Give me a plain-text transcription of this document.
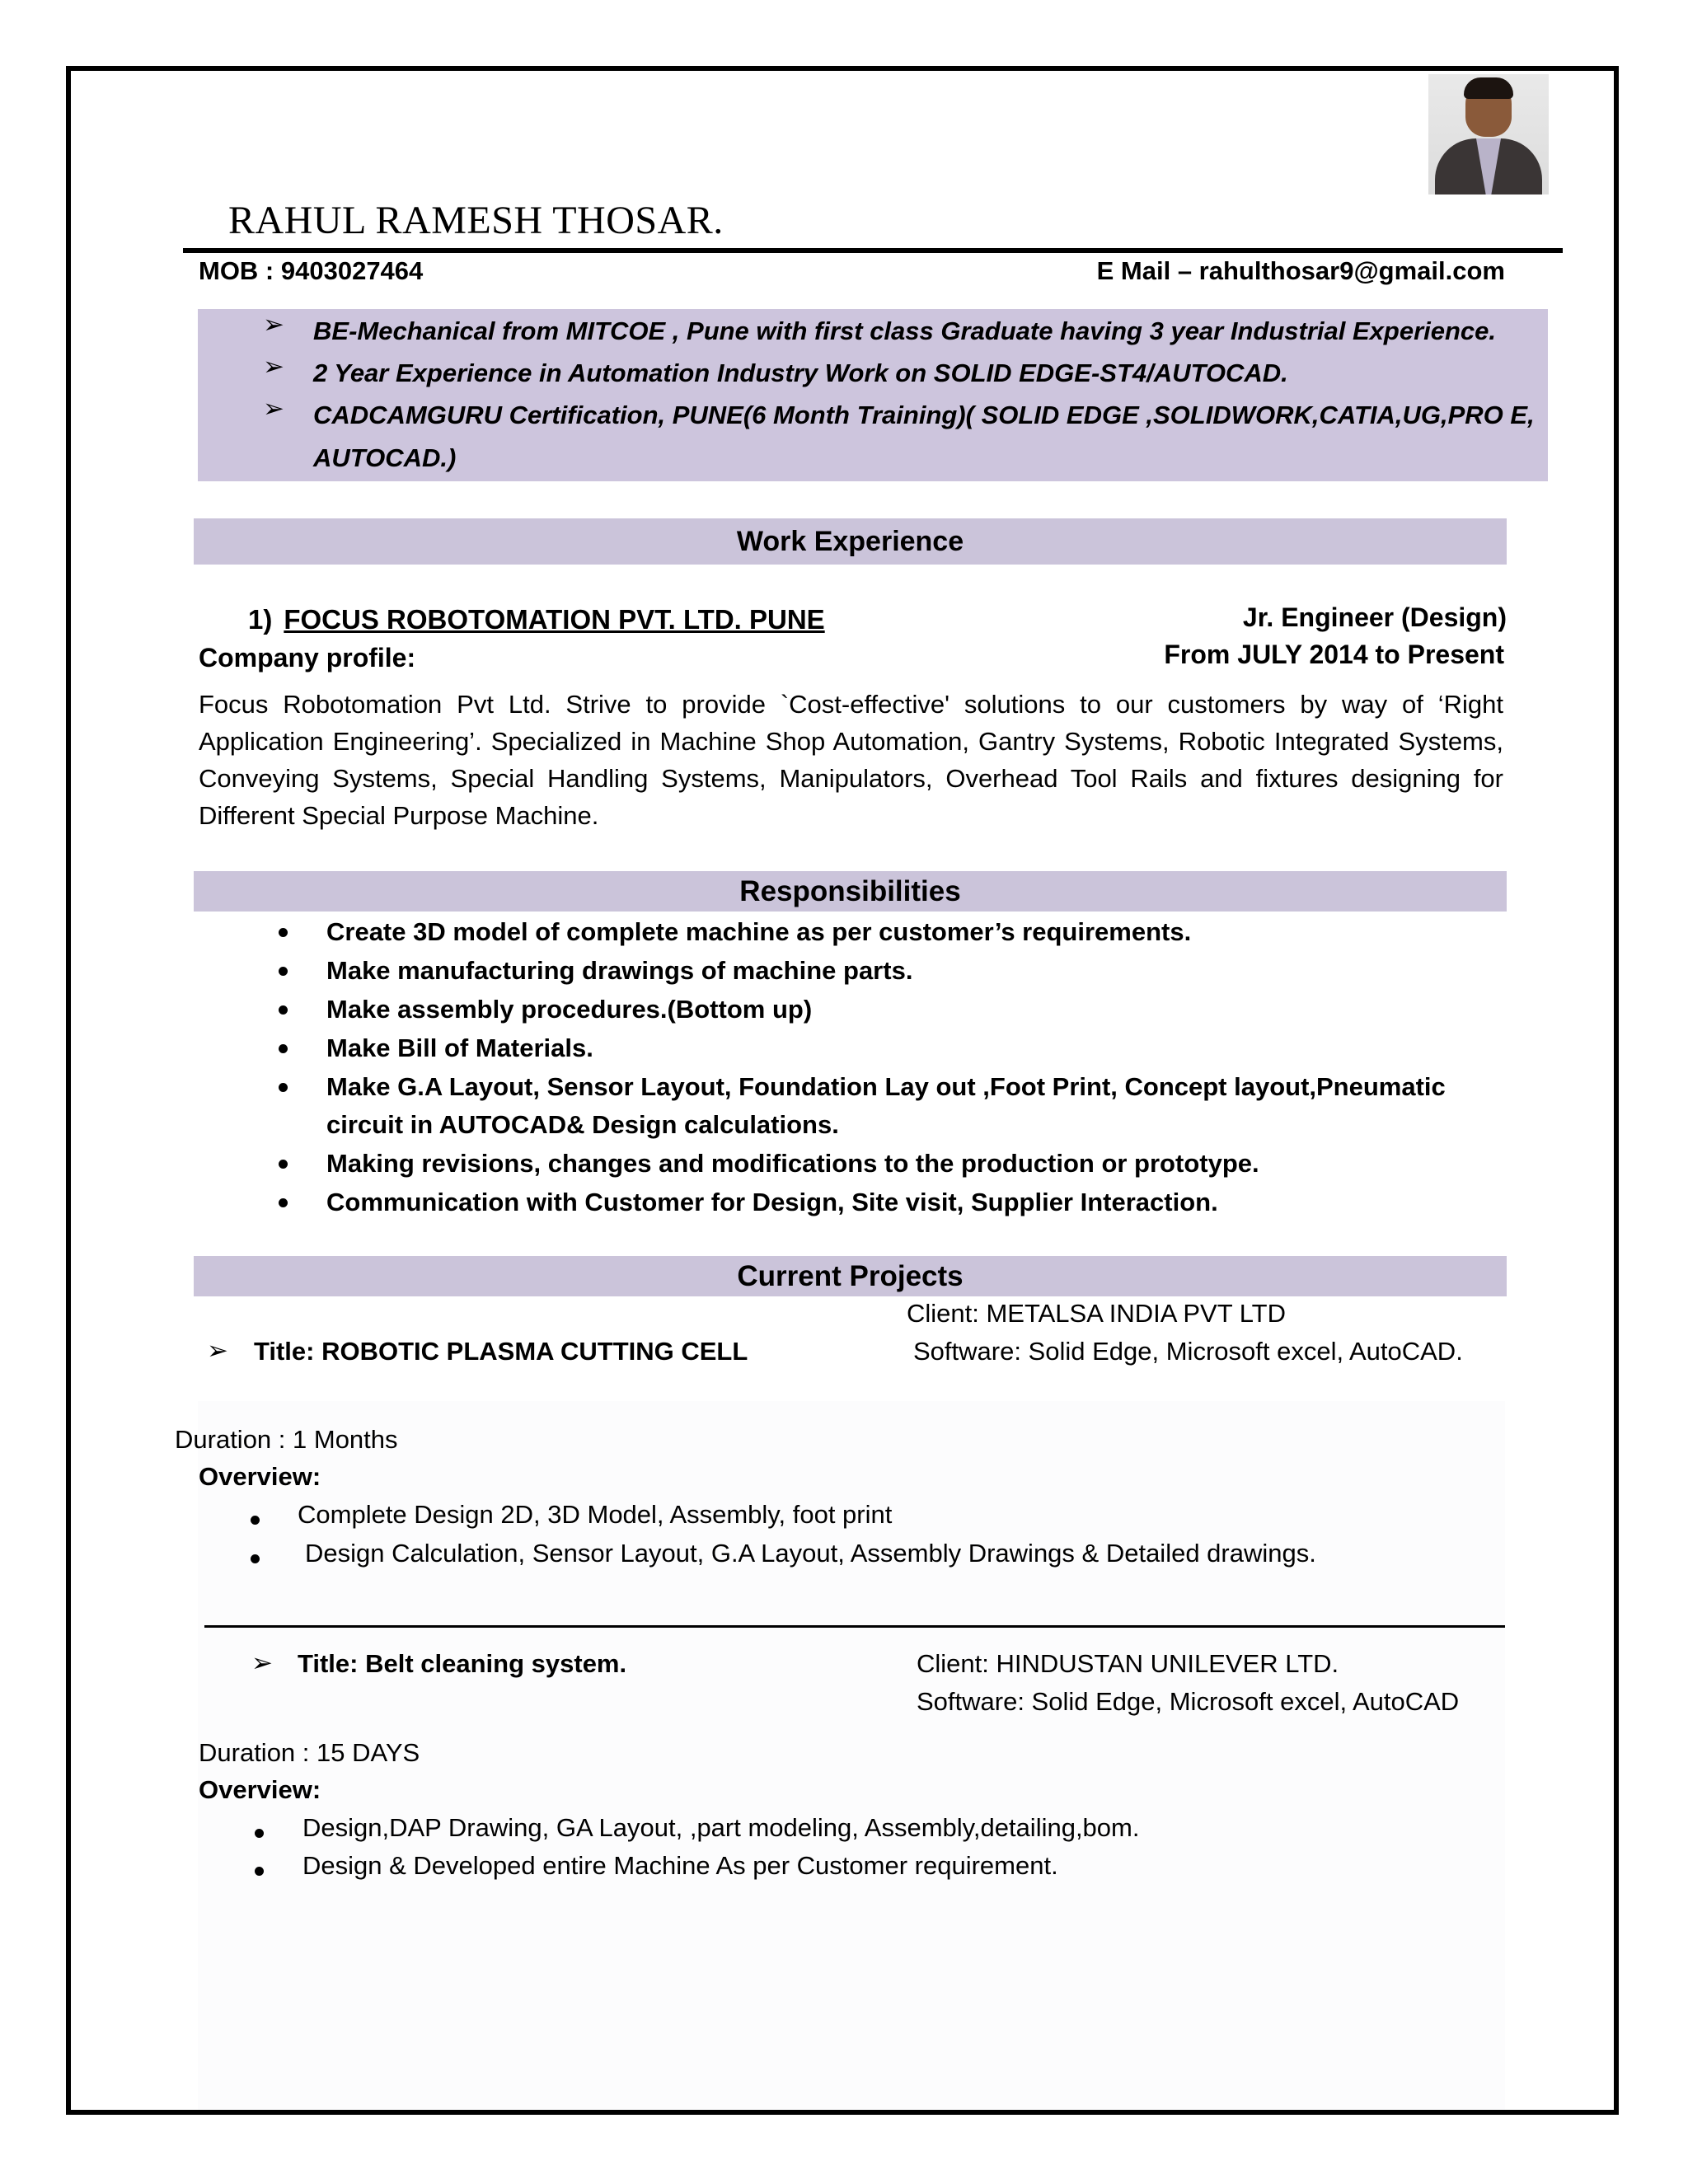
RAHUL RAMESH THOSAR.
MOB : 9403027464	E Mail – rahulthosar9@gmail.com
➢ BE-Mechanical from MITCOE , Pune with first class Graduate having 3 year Industrial Experience.
➢ 2 Year Experience in Automation Industry Work on SOLID EDGE-ST4/AUTOCAD.
➢ CADCAMGURU Certification, PUNE(6 Month Training)( SOLID EDGE ,SOLIDWORK,CATIA,UG,PRO E, AUTOCAD.)
Work Experience
1) FOCUS ROBOTOMATION PVT. LTD. PUNE	Jr. Engineer (Design)
Company profile:	From JULY 2014 to Present
Focus Robotomation Pvt Ltd. Strive to provide `Cost-effective' solutions to our customers by way of ‘Right Application Engineering’. Specialized in Machine Shop Automation, Gantry Systems, Robotic Integrated Systems, Conveying Systems, Special Handling Systems, Manipulators, Overhead Tool Rails and fixtures designing for Different Special Purpose Machine.
Responsibilities
Create 3D model of complete machine as per customer’s requirements.
Make manufacturing drawings of machine parts.
Make assembly procedures.(Bottom up)
Make Bill of Materials.
Make G.A Layout, Sensor Layout, Foundation Lay out ,Foot Print, Concept layout,Pneumatic circuit in AUTOCAD& Design calculations.
Making revisions, changes and modifications to the production or prototype.
Communication with Customer for Design, Site visit, Supplier Interaction.
Current Projects
Client: METALSA INDIA PVT LTD
➢ Title: ROBOTIC PLASMA CUTTING CELL	Software: Solid Edge, Microsoft excel, AutoCAD.
Duration : 1 Months
Overview:
Complete Design 2D, 3D Model, Assembly, foot print
Design Calculation, Sensor Layout, G.A Layout, Assembly Drawings & Detailed drawings.
➢ Title: Belt cleaning system.	Client: HINDUSTAN UNILEVER LTD.
Software: Solid Edge, Microsoft excel, AutoCAD
Duration : 15 DAYS
Overview:
Design,DAP Drawing, GA Layout, ,part modeling, Assembly,detailing,bom.
Design & Developed entire Machine As per Customer requirement.
